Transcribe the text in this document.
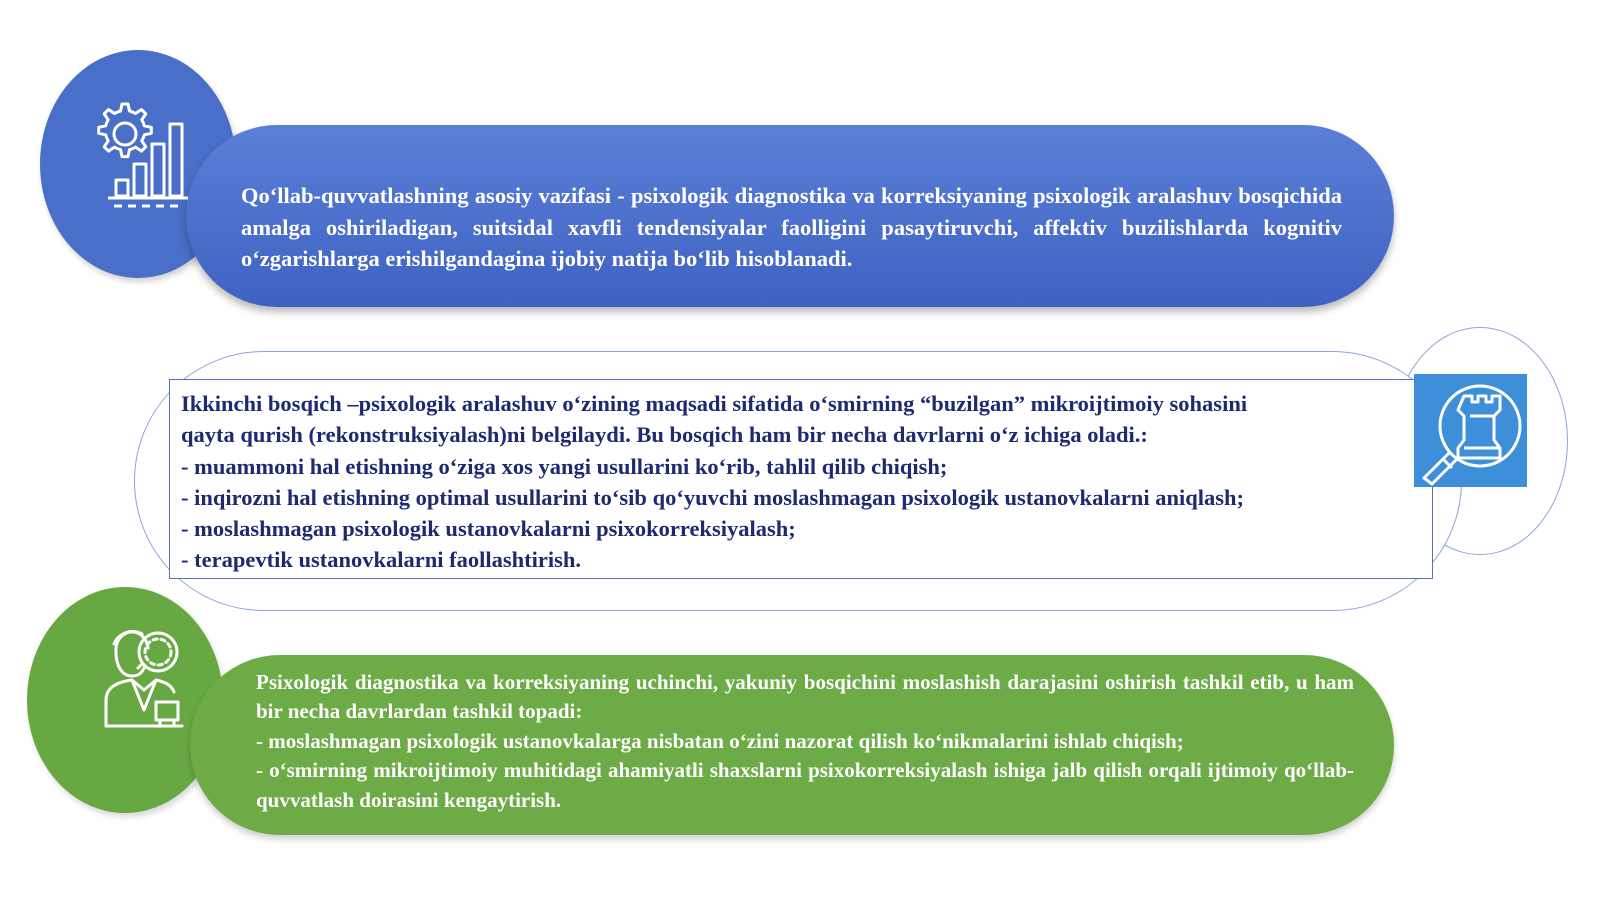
Qo‘llab-quvvatlashning asosiy vazifasi - psixologik diagnostika va korreksiyaning psixologik aralashuv bosqichida amalga oshiriladigan, suitsidal xavfli tendensiyalar faolligini pasaytiruvchi, affektiv buzilishlarda kognitiv o‘zgarishlarga erishilgandagina ijobiy natija bo‘lib hisoblanadi.
Ikkinchi bosqich –psixologik aralashuv o‘zining maqsadi sifatida o‘smirning “buzilgan” mikroijtimoiy sohasini
qayta qurish (rekonstruksiyalash)ni belgilaydi. Bu bosqich ham bir necha davrlarni o‘z ichiga oladi.:
- muammoni hal etishning o‘ziga xos yangi usullarini ko‘rib, tahlil qilib chiqish;
- inqirozni hal etishning optimal usullarini to‘sib qo‘yuvchi moslashmagan psixologik ustanovkalarni aniqlash;
- moslashmagan psixologik ustanovkalarni psixokorreksiyalash;
- terapevtik ustanovkalarni faollashtirish.
Psixologik diagnostika va korreksiyaning uchinchi, yakuniy bosqichini moslashish darajasini oshirish tashkil etib, u ham bir necha davrlardan tashkil topadi:
- moslashmagan psixologik ustanovkalarga nisbatan o‘zini nazorat qilish ko‘nikmalarini ishlab chiqish;
- o‘smirning mikroijtimoiy muhitidagi ahamiyatli shaxslarni psixokorreksiyalash ishiga jalb qilish orqali ijtimoiy qo‘llab-quvvatlash doirasini kengaytirish.
